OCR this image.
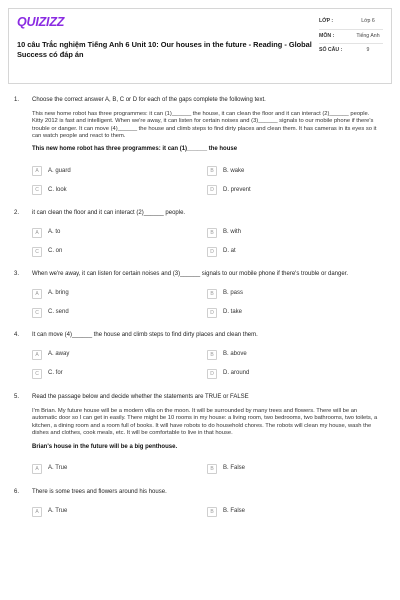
QUIZIZZ
10 câu Trắc nghiệm Tiếng Anh 6 Unit 10: Our houses in the future - Reading - Global Success có đáp án
LỚP :	Lớp 6
MÔN :	Tiếng Anh
SỐ CÂU :	9
1. Choose the correct answer A, B, C or D for each of the gaps complete the following text.
This new home robot has three programmes: it can (1)______ the house, it can clean the floor and it can interact (2)______ people. Kitty 2012 is fast and intelligent. When we're away, it can listen for certain noises and (3)______ signals to our mobile phone if there's trouble or danger. It can move (4)______ the house and climb steps to find dirty places and clean them. It has cameras in its eyes so it can watch people and react to them.
This new home robot has three programmes: it can (1)______ the house
A	A. guard	B	B. wake
C	C. look	D	D. prevent
2. it can clean the floor and it can interact (2)______ people.
A	A. to	B	B. with
C	C. on	D	D. at
3. When we're away, it can listen for certain noises and (3)______ signals to our mobile phone if there's trouble or danger.
A	A. bring	B	B. pass
C	C. send	D	D. take
4. It can move (4)______ the house and climb steps to find dirty places and clean them.
A	A. away	B	B. above
C	C. for	D	D. around
5. Read the passage below and decide whether the statements are TRUE or FALSE
I'm Brian. My future house will be a modern villa on the moon. It will be surrounded by many trees and flowers. There will be an automatic door so I can get in easily. There might be 10 rooms in my house: a living room, two bedrooms, two bathrooms, two toilets, a kitchen, a dining room and a room full of books. It will have robots to do household chores. The robots will clean my house, wash the dishes and clothes, cook meals, etc. It will be comfortable to live in that house.
Brian's house in the future will be a big penthouse.
A	A. True	B	B. False
6. There is some trees and flowers around his house.
A	A. True	B	B. False
